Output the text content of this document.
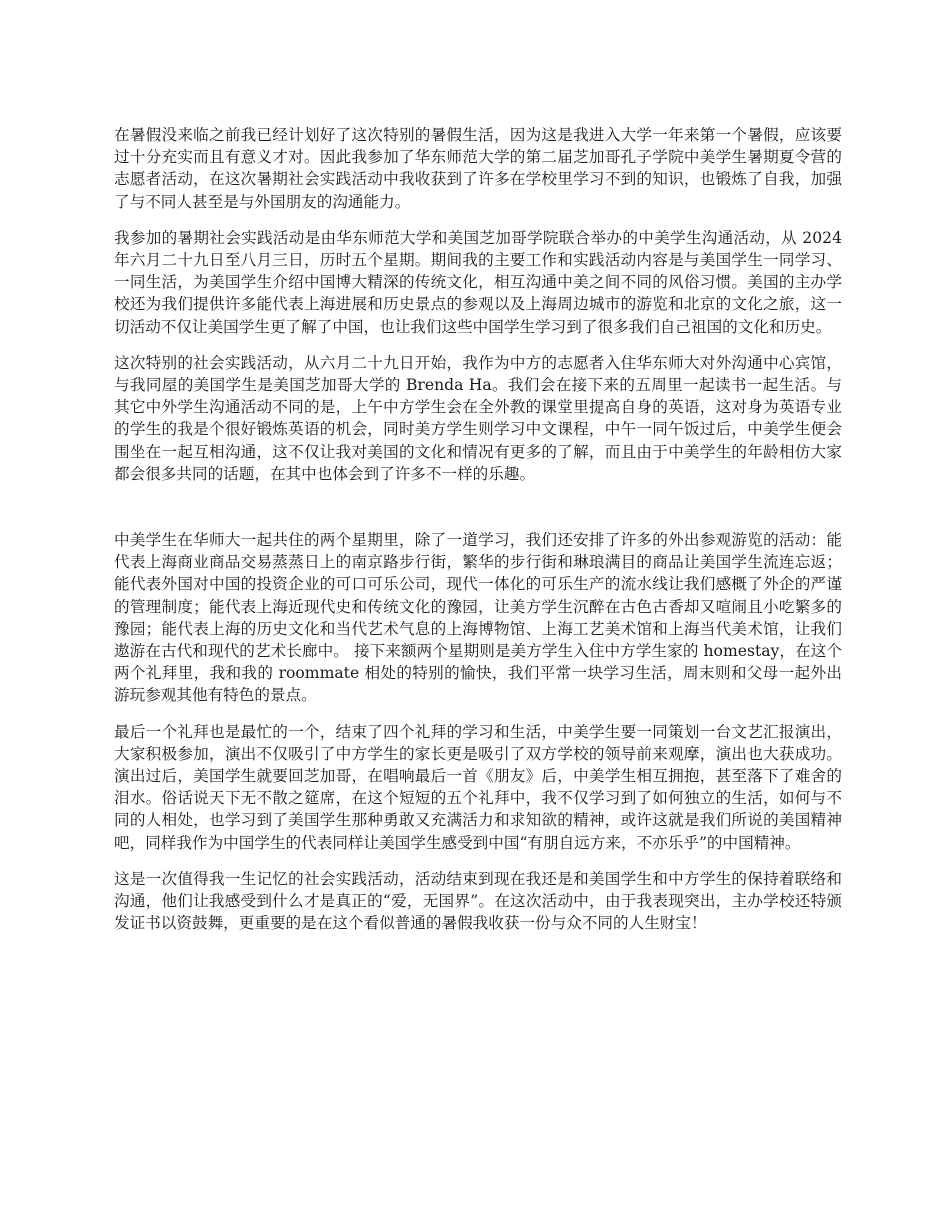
在暑假没来临之前我已经计划好了这次特别的暑假生活，因为这是我进入大学一年来第一个暑假，应该要过十分充实而且有意义才对。因此我参加了华东师范大学的第二届芝加哥孔子学院中美学生暑期夏令营的志愿者活动，在这次暑期社会实践活动中我收获到了许多在学校里学习不到的知识，也锻炼了自我，加强了与不同人甚至是与外国朋友的沟通能力。

我参加的暑期社会实践活动是由华东师范大学和美国芝加哥学院联合举办的中美学生沟通活动，从 2024 年六月二十九日至八月三日，历时五个星期。期间我的主要工作和实践活动内容是与美国学生一同学习、一同生活，为美国学生介绍中国博大精深的传统文化，相互沟通中美之间不同的风俗习惯。美国的主办学校还为我们提供许多能代表上海进展和历史景点的参观以及上海周边城市的游览和北京的文化之旅，这一切活动不仅让美国学生更了解了中国，也让我们这些中国学生学习到了很多我们自己祖国的文化和历史。

这次特别的社会实践活动，从六月二十九日开始，我作为中方的志愿者入住华东师大对外沟通中心宾馆，与我同屋的美国学生是美国芝加哥大学的 Brenda Ha。我们会在接下来的五周里一起读书一起生活。与其它中外学生沟通活动不同的是，上午中方学生会在全外教的课堂里提高自身的英语，这对身为英语专业的学生的我是个很好锻炼英语的机会，同时美方学生则学习中文课程，中午一同午饭过后，中美学生便会围坐在一起互相沟通，这不仅让我对美国的文化和情况有更多的了解，而且由于中美学生的年龄相仿大家都会很多共同的话题，在其中也体会到了许多不一样的乐趣。

中美学生在华师大一起共住的两个星期里，除了一道学习，我们还安排了许多的外出参观游览的活动：能代表上海商业商品交易蒸蒸日上的南京路步行街，繁华的步行街和琳琅满目的商品让美国学生流连忘返；能代表外国对中国的投资企业的可口可乐公司，现代一体化的可乐生产的流水线让我们感概了外企的严谨的管理制度；能代表上海近现代史和传统文化的豫园，让美方学生沉醉在古色古香却又喧闹且小吃繁多的豫园；能代表上海的历史文化和当代艺术气息的上海博物馆、上海工艺美术馆和上海当代美术馆，让我们遨游在古代和现代的艺术长廊中。 接下来额两个星期则是美方学生入住中方学生家的 homestay，在这个两个礼拜里，我和我的 roommate 相处的特别的愉快，我们平常一块学习生活，周末则和父母一起外出游玩参观其他有特色的景点。

最后一个礼拜也是最忙的一个，结束了四个礼拜的学习和生活，中美学生要一同策划一台文艺汇报演出，大家积极参加，演出不仅吸引了中方学生的家长更是吸引了双方学校的领导前来观摩，演出也大获成功。演出过后，美国学生就要回芝加哥，在唱响最后一首《朋友》后，中美学生相互拥抱，甚至落下了难舍的泪水。俗话说天下无不散之筵席，在这个短短的五个礼拜中，我不仅学习到了如何独立的生活，如何与不同的人相处，也学习到了美国学生那种勇敢又充满活力和求知欲的精神，或许这就是我们所说的美国精神吧，同样我作为中国学生的代表同样让美国学生感受到中国“有朋自远方来，不亦乐乎”的中国精神。

这是一次值得我一生记忆的社会实践活动，活动结束到现在我还是和美国学生和中方学生的保持着联络和沟通，他们让我感受到什么才是真正的“爱，无国界”。在这次活动中，由于我表现突出，主办学校还特颁发证书以资鼓舞，更重要的是在这个看似普通的暑假我收获一份与众不同的人生财宝！
